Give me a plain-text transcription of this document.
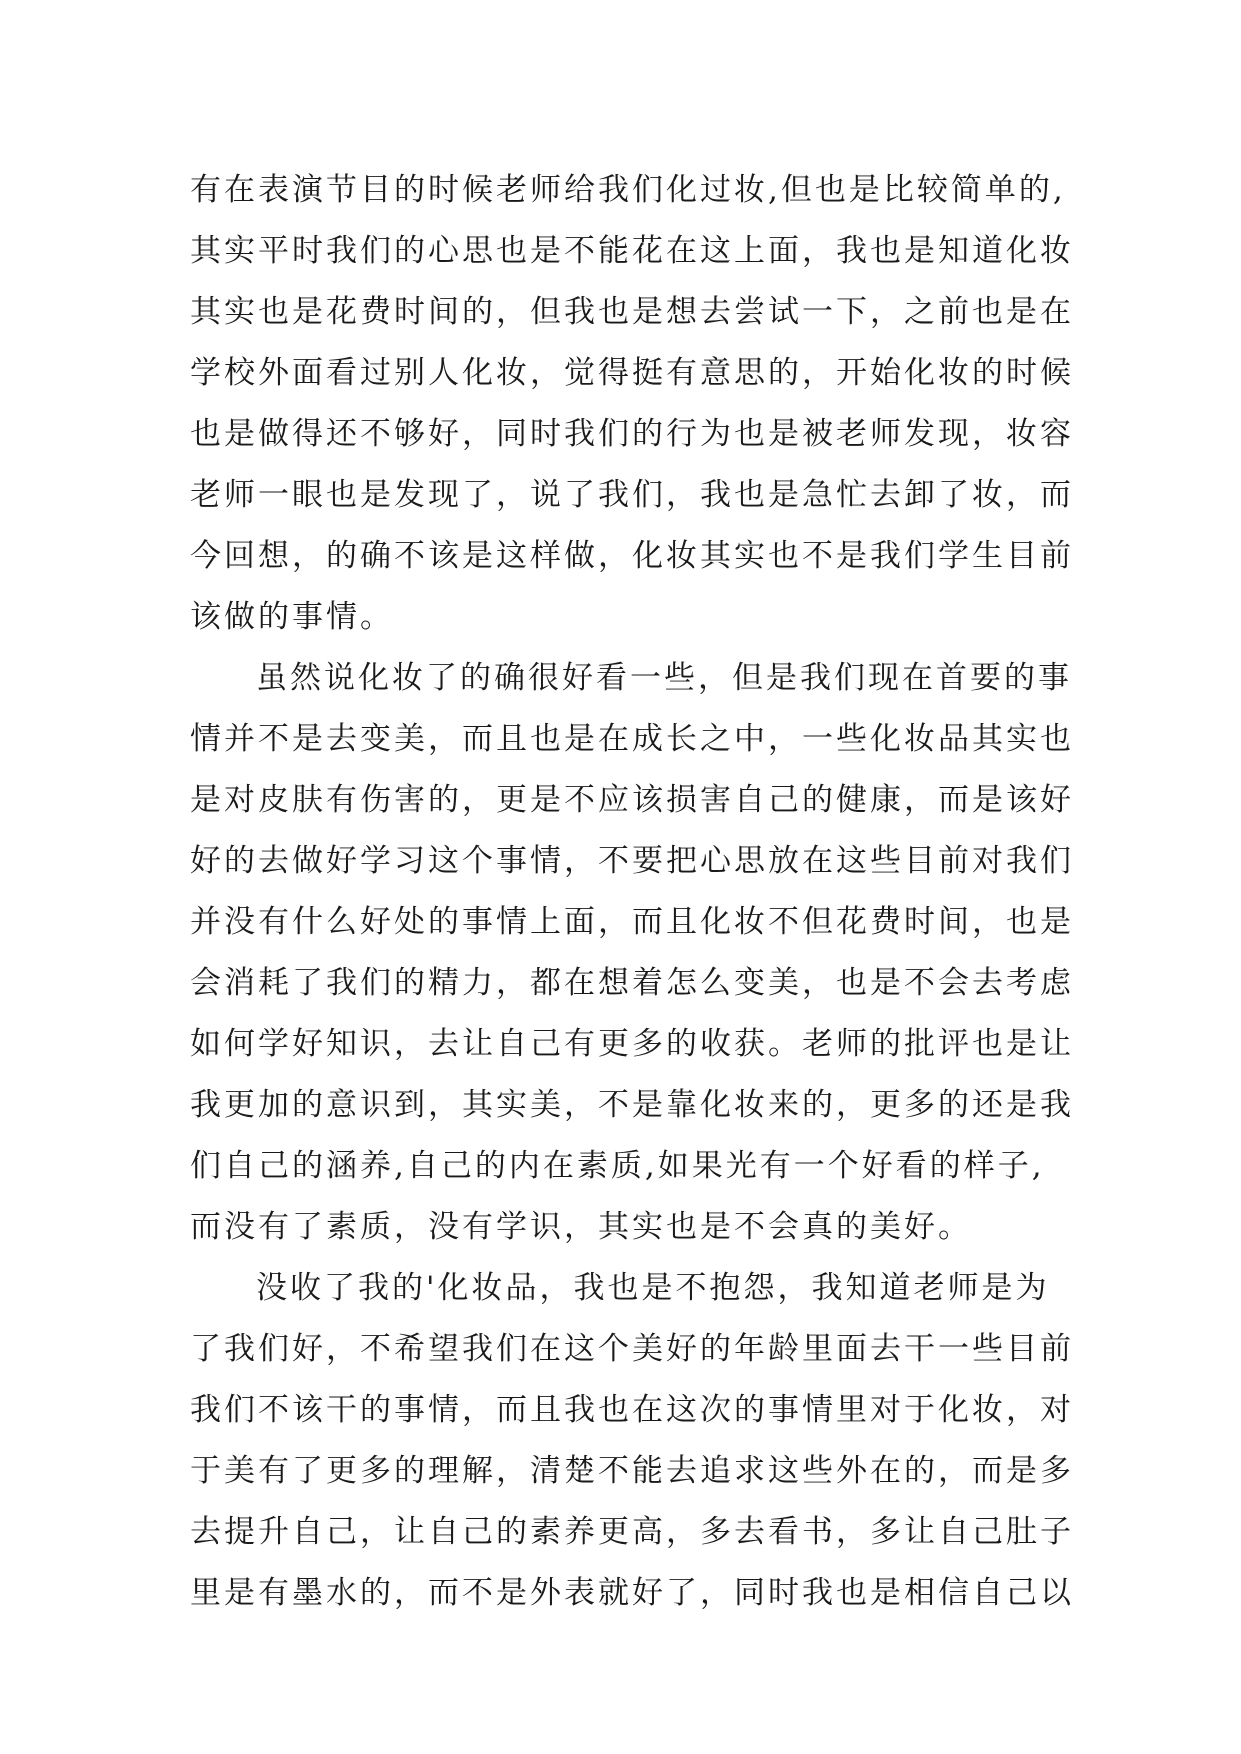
有在表演节目的时候老师给我们化过妆,但也是比较简单的,
其实平时我们的心思也是不能花在这上面，我也是知道化妆
其实也是花费时间的，但我也是想去尝试一下，之前也是在
学校外面看过别人化妆，觉得挺有意思的，开始化妆的时候
也是做得还不够好，同时我们的行为也是被老师发现，妆容
老师一眼也是发现了，说了我们，我也是急忙去卸了妆，而
今回想，的确不该是这样做，化妆其实也不是我们学生目前
该做的事情。
虽然说化妆了的确很好看一些，但是我们现在首要的事
情并不是去变美，而且也是在成长之中，一些化妆品其实也
是对皮肤有伤害的，更是不应该损害自己的健康，而是该好
好的去做好学习这个事情，不要把心思放在这些目前对我们
并没有什么好处的事情上面，而且化妆不但花费时间，也是
会消耗了我们的精力，都在想着怎么变美，也是不会去考虑
如何学好知识，去让自己有更多的收获。老师的批评也是让
我更加的意识到，其实美，不是靠化妆来的，更多的还是我
们自己的涵养,自己的内在素质,如果光有一个好看的样子,
而没有了素质，没有学识，其实也是不会真的美好。
没收了我的'化妆品，我也是不抱怨，我知道老师是为
了我们好，不希望我们在这个美好的年龄里面去干一些目前
我们不该干的事情，而且我也在这次的事情里对于化妆，对
于美有了更多的理解，清楚不能去追求这些外在的，而是多
去提升自己，让自己的素养更高，多去看书，多让自己肚子
里是有墨水的，而不是外表就好了，同时我也是相信自己以
